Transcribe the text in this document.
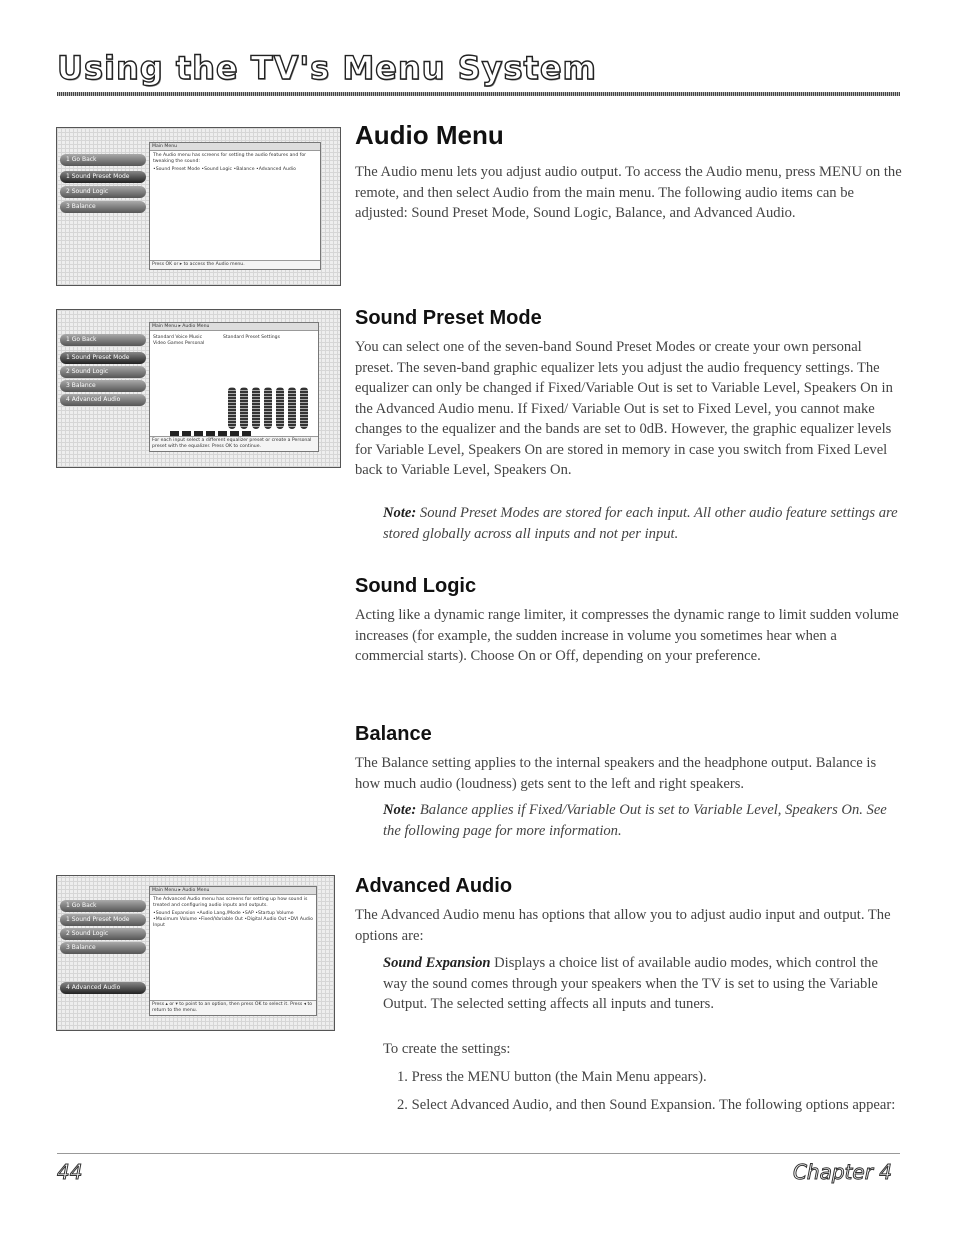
Using the TV's Menu System
1 Go Back
1 Sound Preset Mode
2 Sound Logic
3 Balance
Main Menu

The Audio menu has screens for setting the audio features and for tweaking the sound:

•Sound Preset Mode •Sound Logic •Balance •Advanced Audio

Press OK or ▸ to access the Audio menu.
1 Go Back
1 Sound Preset Mode
2 Sound Logic
3 Balance
4 Advanced Audio
Main Menu ▸ Audio Menu

Standard Voice Music Video Games Personal

Standard Preset Settings

For each input select a different equalizer preset or create a Personal preset with the equalizer. Press OK to continue.
1 Go Back
1 Sound Preset Mode
2 Sound Logic
3 Balance
4 Advanced Audio
Main Menu ▸ Audio Menu

The Advanced Audio menu has screens for setting up how sound is treated and configuring audio inputs and outputs.

•Sound Expansion •Audio Lang./Mode •SAP •Startup Volume •Maximum Volume •Fixed/Variable Out •Digital Audio Out •DVI Audio Input

Press ▴ or ▾ to point to an option, then press OK to select it. Press ◂ to return to the menu.
Audio Menu

The Audio menu lets you adjust audio output. To access the Audio menu, press MENU on the remote, and then select Audio from the main menu. The following audio items can be adjusted: Sound Preset Mode, Sound Logic, Balance, and Advanced Audio.

Sound Preset Mode

You can select one of the seven-band Sound Preset Modes or create your own personal preset. The seven-band graphic equalizer lets you adjust the audio frequency settings. The equalizer can only be changed if Fixed/Variable Out is set to Variable Level, Speakers On in the Advanced Audio menu. If Fixed/ Variable Out is set to Fixed Level, you cannot make changes to the equalizer and the bands are set to 0dB. However, the graphic equalizer levels for Variable Level, Speakers On are stored in memory in case you switch from Fixed Level back to Variable Level, Speakers On.

Note: Sound Preset Modes are stored for each input. All other audio feature settings are stored globally across all inputs and not per input.

Sound Logic

Acting like a dynamic range limiter, it compresses the dynamic range to limit sudden volume increases (for example, the sudden increase in volume you sometimes hear when a commercial starts). Choose On or Off, depending on your preference.

Balance

The Balance setting applies to the internal speakers and the headphone output. Balance is how much audio (loudness) gets sent to the left and right speakers.

Note: Balance applies if Fixed/Variable Out is set to Variable Level, Speakers On. See the following page for more information.

Advanced Audio

The Advanced Audio menu has options that allow you to adjust audio input and output. The options are:

Sound Expansion Displays a choice list of available audio modes, which control the way the sound comes through your speakers when the TV is set to using the Variable Output. The selected setting affects all inputs and tuners.

To create the settings:

1. Press the MENU button (the Main Menu appears).

2. Select Advanced Audio, and then Sound Expansion. The following options appear:

44	Chapter 4
